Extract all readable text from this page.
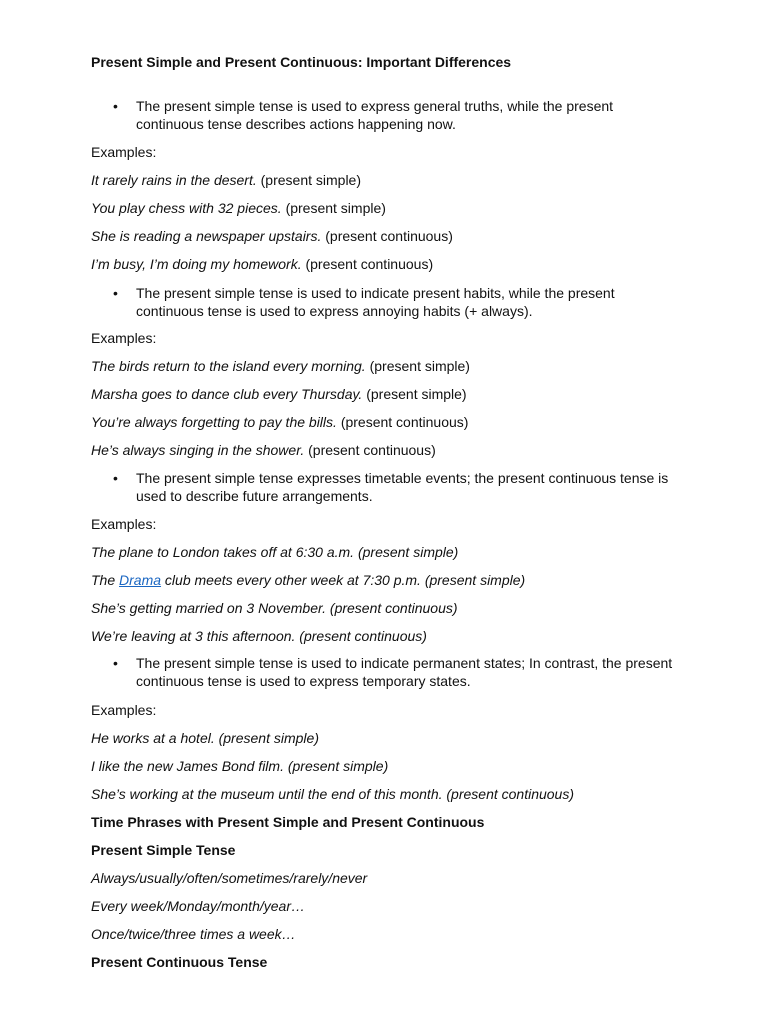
Present Simple and Present Continuous: Important Differences
• The present simple tense is used to express general truths, while the present continuous tense describes actions happening now.
Examples:
It rarely rains in the desert. (present simple)
You play chess with 32 pieces. (present simple)
She is reading a newspaper upstairs. (present continuous)
I’m busy, I’m doing my homework. (present continuous)
• The present simple tense is used to indicate present habits, while the present continuous tense is used to express annoying habits (+ always).
Examples:
The birds return to the island every morning. (present simple)
Marsha goes to dance club every Thursday. (present simple)
You’re always forgetting to pay the bills. (present continuous)
He’s always singing in the shower. (present continuous)
• The present simple tense expresses timetable events; the present continuous tense is used to describe future arrangements.
Examples:
The plane to London takes off at 6:30 a.m. (present simple)
The Drama club meets every other week at 7:30 p.m. (present simple)
She’s getting married on 3 November. (present continuous)
We’re leaving at 3 this afternoon. (present continuous)
• The present simple tense is used to indicate permanent states; In contrast, the present continuous tense is used to express temporary states.
Examples:
He works at a hotel. (present simple)
I like the new James Bond film. (present simple)
She’s working at the museum until the end of this month. (present continuous)
Time Phrases with Present Simple and Present Continuous
Present Simple Tense
Always/usually/often/sometimes/rarely/never
Every week/Monday/month/year…
Once/twice/three times a week…
Present Continuous Tense
